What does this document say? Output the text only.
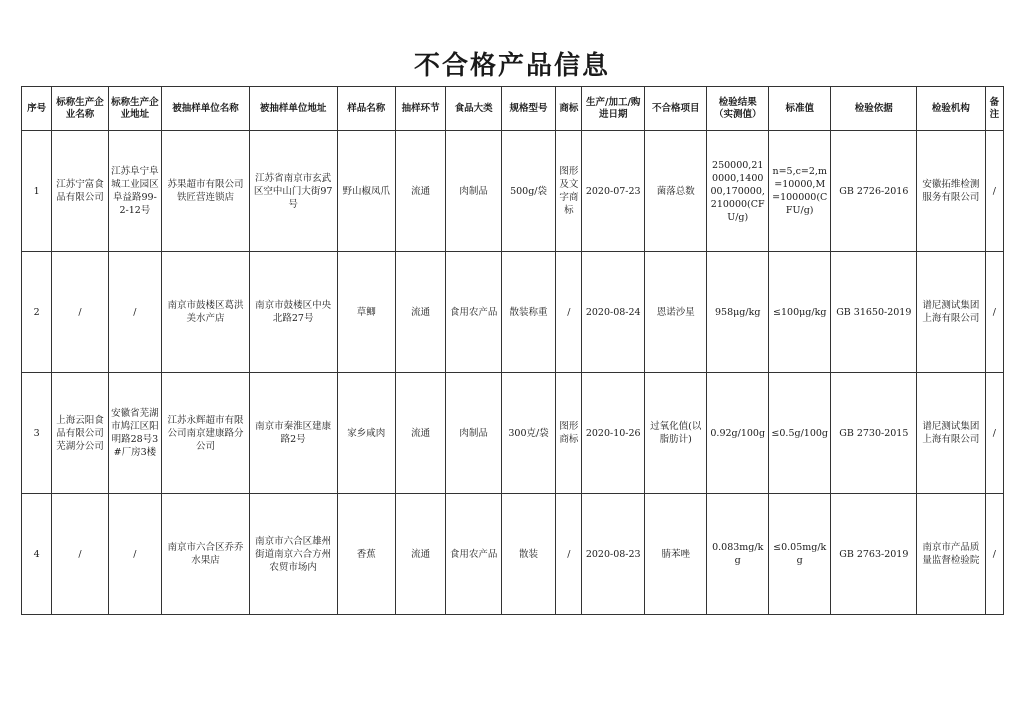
不合格产品信息
序号	标称生产企业名称	标称生产企业地址	被抽样单位名称	被抽样单位地址	样品名称	抽样环节	食品大类	规格型号	商标	生产/加工/购进日期	不合格项目	检验结果（实测值）	标准值	检验依据	检验机构	备注
1	江苏宁富食品有限公司	江苏阜宁阜城工业园区阜益路99-2-12号	苏果超市有限公司铁匠营连锁店	江苏省南京市玄武区空中山门大街97号	野山椒凤爪	流通	肉制品	500g/袋	图形及文字商标	2020-07-23	菌落总数	250000,210000,140000,170000,210000(CFU/g)	n=5,c=2,m=10000,M=100000(CFU/g)	GB 2726-2016	安徽拓维检测服务有限公司	/
2	/	/	南京市鼓楼区葛洪美水产店	南京市鼓楼区中央北路27号	草鲫	流通	食用农产品	散装称重	/	2020-08-24	恩诺沙星	958μg/kg	≤100μg/kg	GB 31650-2019	谱尼测试集团上海有限公司	/
3	上海云阳食品有限公司芜湖分公司	安徽省芜湖市鸠江区阳明路28号3#厂房3楼	江苏永辉超市有限公司南京建康路分公司	南京市秦淮区建康路2号	家乡咸肉	流通	肉制品	300克/袋	图形商标	2020-10-26	过氧化值(以脂肪计)	0.92g/100g	≤0.5g/100g	GB 2730-2015	谱尼测试集团上海有限公司	/
4	/	/	南京市六合区乔乔水果店	南京市六合区雄州街道南京六合方州农贸市场内	香蕉	流通	食用农产品	散装	/	2020-08-23	腈苯唑	0.083mg/kg	≤0.05mg/kg	GB 2763-2019	南京市产品质量监督检验院	/
